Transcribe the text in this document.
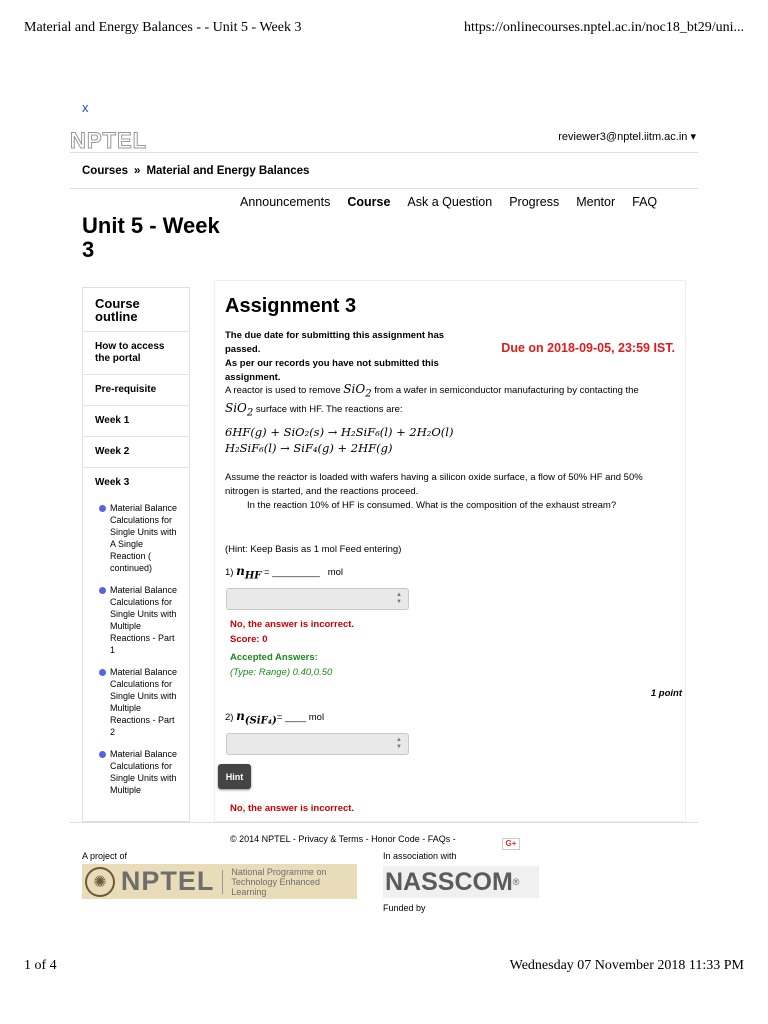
Material and Energy Balances - - Unit 5 - Week 3	https://onlinecourses.nptel.ac.in/noc18_bt29/uni...
x
NPTEL	reviewer3@nptel.iitm.ac.in ▾
Courses » Material and Energy Balances
Announcements Course Ask a Question Progress Mentor FAQ
Unit 5 - Week 3
Course outline
How to access the portal
Pre-requisite
Week 1
Week 2
Week 3
Material Balance Calculations for Single Units with A Single Reaction ( continued)
Material Balance Calculations for Single Units with Multiple Reactions - Part 1
Material Balance Calculations for Single Units with Multiple Reactions - Part 2
Material Balance Calculations for Single Units with Multiple
Assignment 3
The due date for submitting this assignment has passed.
As per our records you have not submitted this assignment.
Due on 2018-09-05, 23:59 IST.
A reactor is used to remove SiO$_2$ from a wafer in semiconductor manufacturing by contacting the
SiO$_2$ surface with HF. The reactions are:
6HF(g) + SiO₂(s) → H₂SiF₆(l) + 2H₂O(l)
H₂SiF₆(l) → SiF₄(g) + 2HF(g)
Assume the reactor is loaded with wafers having a silicon oxide surface, a flow of 50% HF and 50% nitrogen is started, and the reactions proceed.
In the reaction 10% of HF is consumed. What is the composition of the exhaust stream?
(Hint: Keep Basis as 1 mol Feed entering)
1) $n_{HF}$ = _________ mol
▲
▼
No, the answer is incorrect.
Score: 0
Accepted Answers:
(Type: Range) 0.40,0.50
1 point
2) $n_{(SiF_4)}=$ ____ mol
▲
▼
Hint
No, the answer is incorrect.
© 2014 NPTEL - Privacy & Terms - Honor Code - FAQs -	G+
A project of	In association with
✺ NPTEL National Programme on
Technology Enhanced Learning	NASSCOM ®
Funded by
1 of 4	Wednesday 07 November 2018 11:33 PM
